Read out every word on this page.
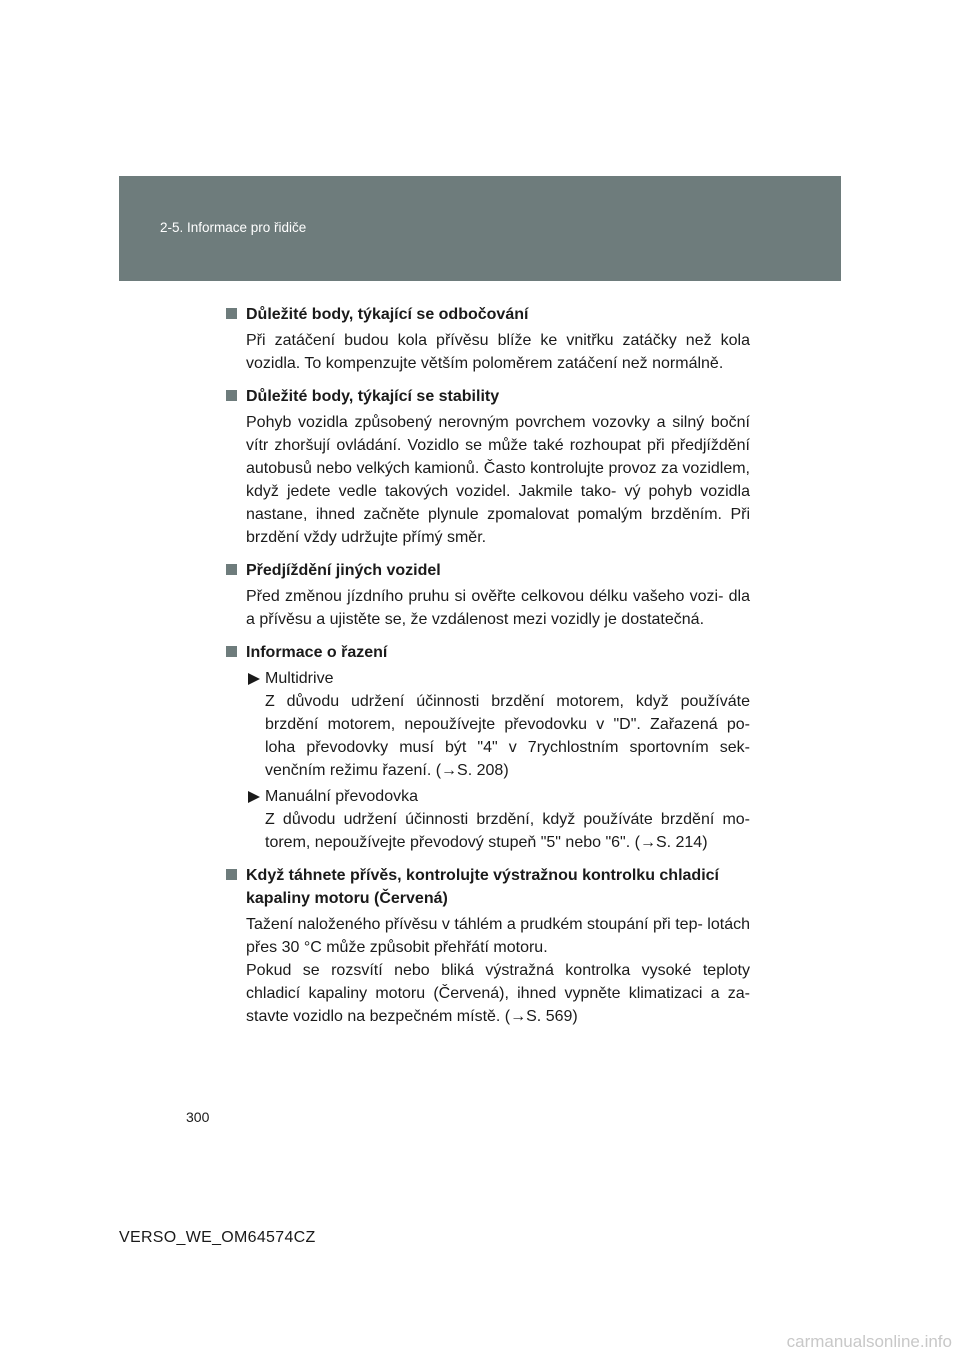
2-5. Informace pro řidiče
Důležité body, týkající se odbočování
Při zatáčení budou kola přívěsu blíže ke vnitřku zatáčky než kola vozidla. To kompenzujte větším poloměrem zatáčení než normálně.
Důležité body, týkající se stability
Pohyb vozidla způsobený nerovným povrchem vozovky a silný boční vítr zhoršují ovládání. Vozidlo se může také rozhoupat při předjíždění autobusů nebo velkých kamionů. Často kontrolujte provoz za vozidlem, když jedete vedle takových vozidel. Jakmile tako- vý pohyb vozidla nastane, ihned začněte plynule zpomalovat pomalým brzděním. Při brzdění vždy udržujte přímý směr.
Předjíždění jiných vozidel
Před změnou jízdního pruhu si ověřte celkovou délku vašeho vozi- dla a přívěsu a ujistěte se, že vzdálenost mezi vozidly je dostatečná.
Informace o řazení
Multidrive
Z důvodu udržení účinnosti brzdění motorem, když používáte brzdění motorem, nepoužívejte převodovku v "D". Zařazená po- loha převodovky musí být "4" v 7rychlostním sportovním sek- venčním režimu řazení. (→S. 208)
Manuální převodovka
Z důvodu udržení účinnosti brzdění, když používáte brzdění mo- torem, nepoužívejte převodový stupeň "5" nebo "6". (→S. 214)
Když táhnete přívěs, kontrolujte výstražnou kontrolku chladicí kapaliny motoru (Červená)
Tažení naloženého přívěsu v táhlém a prudkém stoupání při tep- lotách přes 30 °C může způsobit přehřátí motoru.
Pokud se rozsvítí nebo bliká výstražná kontrolka vysoké teploty chladicí kapaliny motoru (Červená), ihned vypněte klimatizaci a za- stavte vozidlo na bezpečném místě. (→S. 569)
300
VERSO_WE_OM64574CZ
carmanualsonline.info
